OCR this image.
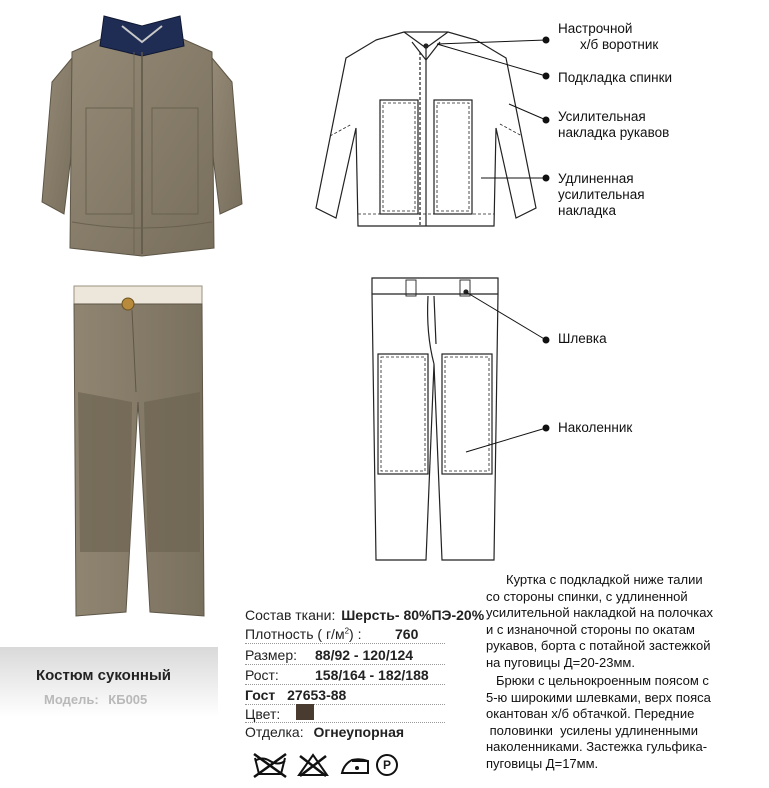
Настрочной
х/б воротник
Подкладка спинки
Усилительная
накладка рукавов
Удлиненная
усилительная
накладка
Шлевка
Наколенник
Костюм суконный
Модель: КБ005
Состав ткани: Шерсть- 80%ПЭ-20%
Плотность ( $г/м^2$) : 760
Размер: 88/92 - 120/124
Рост:	158/164 - 182/188
Гост 27653-88
Цвет:
Отделка: Огнеупорная
P
Куртка с подкладкой ниже талии
со стороны спинки, с удлиненной
усилительной накладкой на полочках
и с изнаночной стороны по окатам
рукавов, борта с потайной застежкой
на пуговицы Д=20-23мм.
Брюки с цельнокроенным поясом с
5-ю широкими шлевками, верх пояса
окантован х/б обтачкой. Передние
половинки  усилены удлиненными
наколенниками. Застежка гульфика-
пуговицы Д=17мм.
